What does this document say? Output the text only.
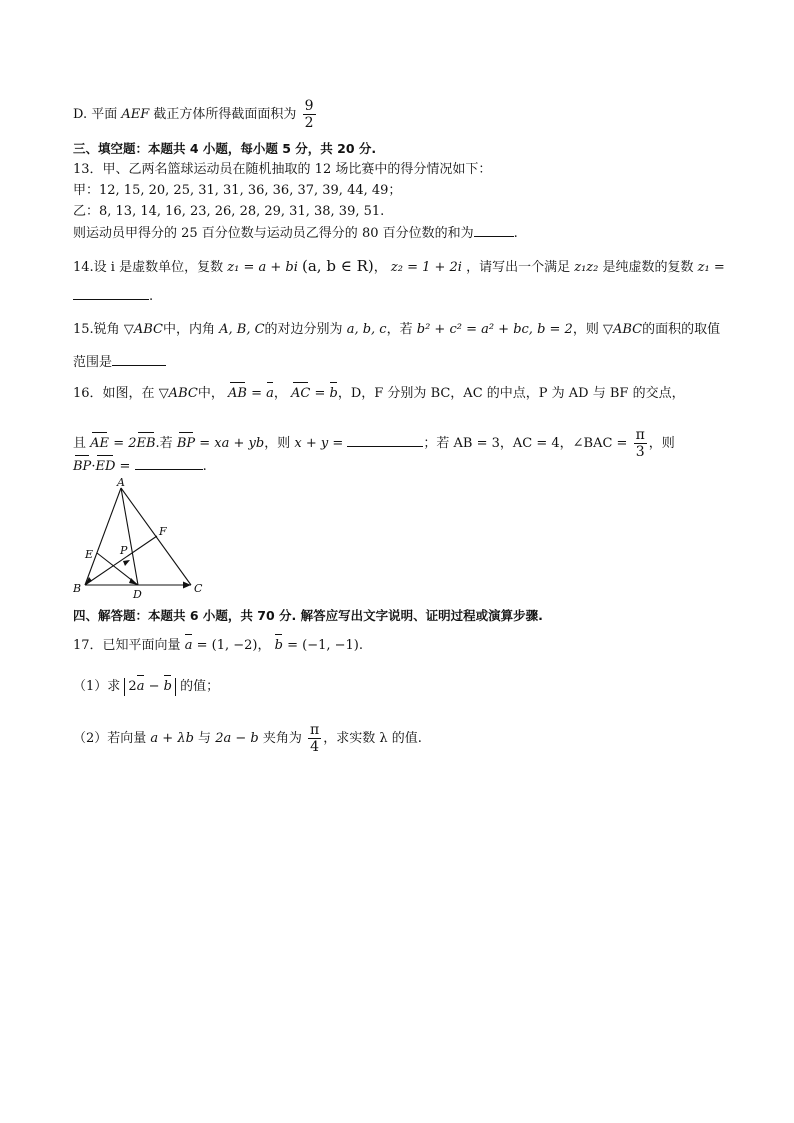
D. 平面 AEF 截正方体所得截面面积为 $\frac{9}{2}$
三、填空题：本题共 4 小题，每小题 5 分，共 20 分.
13．甲、乙两名篮球运动员在随机抽取的 12 场比赛中的得分情况如下：
甲：12, 15, 20, 25, 31, 31, 36, 36, 37, 39, 44, 49；
乙：8, 13, 14, 16, 23, 26, 28, 29, 31, 38, 39, 51.
则运动员甲得分的 25 百分位数与运动员乙得分的 80 百分位数的和为	.
14.设 i 是虚数单位，复数 z₁ = a + bi (a, b ∈ R)， z₂ = 1 + 2i ，请写出一个满足 z₁z₂ 是纯虚数的复数 z₁ =
.
15.锐角 ▽ABC中，内角 A, B, C的对边分别为 a, b, c，若 b² + c² = a² + bc, b = 2，则 ▽ABC的面积的取值
范围是
16．如图，在 ▽ABC中， AB = a， AC = b，D，F 分别为 BC，AC 的中点，P 为 AD 与 BF 的交点，
且 AE = 2EB.若 BP = xa + yb，则 x + y =	；若 AB = 3，AC = 4，∠BAC = $\frac{\pi}{3}$ ，则
BP·ED =	.
A
B	C
D
E
F
P
四、解答题：本题共 6 小题，共 70 分. 解答应写出文字说明、证明过程或演算步骤.
17．已知平面向量 a = (1, −2)， b = (−1, −1).
（1）求 2a − b 的值；
（2）若向量 a + λb 与 2a − b 夹角为 $\frac{\pi}{4}$ ，求实数 λ 的值.
